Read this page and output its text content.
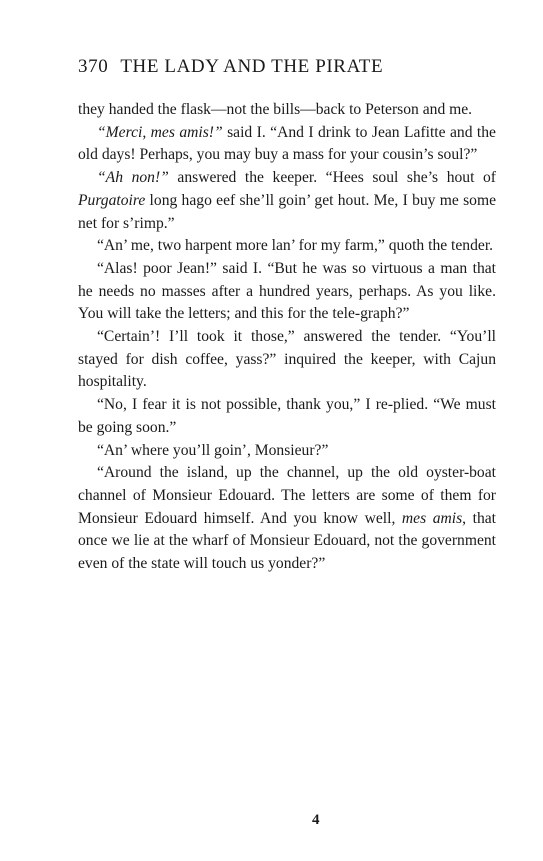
370 THE LADY AND THE PIRATE

they handed the flask—not the bills—back to Peterson and me.

“Merci, mes amis!” said I. “And I drink to Jean Lafitte and the old days! Perhaps, you may buy a mass for your cousin’s soul?”

“Ah non!” answered the keeper. “Hees soul she’s hout of Purgatoire long hago eef she’ll goin’ get hout. Me, I buy me some net for s’rimp.”

“An’ me, two harpent more lan’ for my farm,” quoth the tender.

“Alas! poor Jean!” said I. “But he was so virtuous a man that he needs no masses after a hundred years, perhaps. As you like. You will take the letters; and this for the tele-graph?”

“Certain’! I’ll took it those,” answered the tender. “You’ll stayed for dish coffee, yass?” inquired the keeper, with Cajun hospitality.

“No, I fear it is not possible, thank you,” I re-plied. “We must be going soon.”

“An’ where you’ll goin’, Monsieur?”

“Around the island, up the channel, up the old oyster-boat channel of Monsieur Edouard. The letters are some of them for Monsieur Edouard himself. And you know well, mes amis, that once we lie at the wharf of Monsieur Edouard, not the government even of the state will touch us yonder?”

4
